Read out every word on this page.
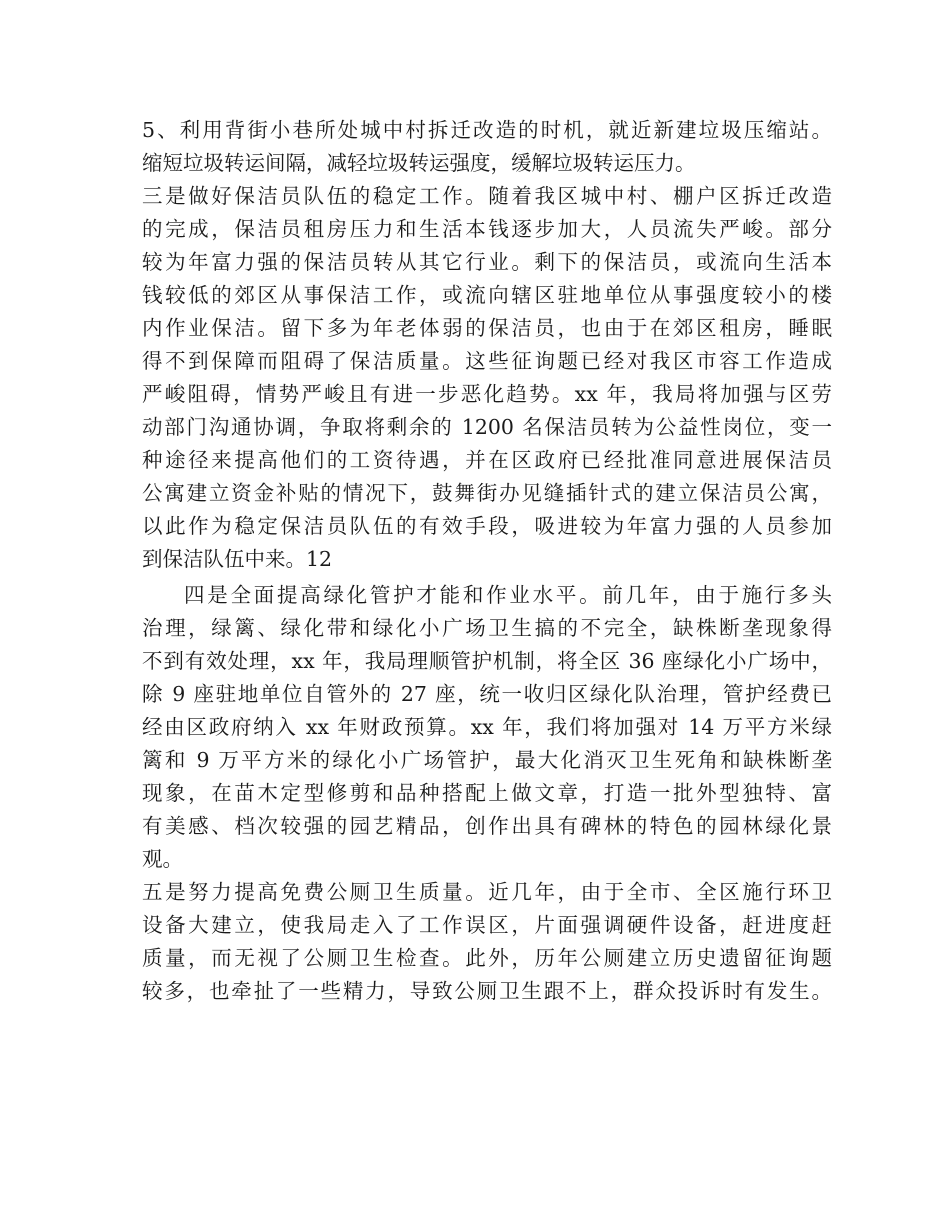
5、利用背街小巷所处城中村拆迁改造的时机，就近新建垃圾压缩站。
缩短垃圾转运间隔，减轻垃圾转运强度，缓解垃圾转运压力。
三是做好保洁员队伍的稳定工作。随着我区城中村、棚户区拆迁改造
的完成，保洁员租房压力和生活本钱逐步加大，人员流失严峻。部分
较为年富力强的保洁员转从其它行业。剩下的保洁员，或流向生活本
钱较低的郊区从事保洁工作，或流向辖区驻地单位从事强度较小的楼
内作业保洁。留下多为年老体弱的保洁员，也由于在郊区租房，睡眠
得不到保障而阻碍了保洁质量。这些征询题已经对我区市容工作造成
严峻阻碍，情势严峻且有进一步恶化趋势。xx 年，我局将加强与区劳
动部门沟通协调，争取将剩余的 1200 名保洁员转为公益性岗位，变一
种途径来提高他们的工资待遇，并在区政府已经批准同意进展保洁员
公寓建立资金补贴的情况下，鼓舞街办见缝插针式的建立保洁员公寓，
以此作为稳定保洁员队伍的有效手段，吸进较为年富力强的人员参加
到保洁队伍中来。12
四是全面提高绿化管护才能和作业水平。前几年，由于施行多头
治理，绿篱、绿化带和绿化小广场卫生搞的不完全，缺株断垄现象得
不到有效处理，xx 年，我局理顺管护机制，将全区 36 座绿化小广场中，
除 9 座驻地单位自管外的 27 座，统一收归区绿化队治理，管护经费已
经由区政府纳入 xx 年财政预算。xx 年，我们将加强对 14 万平方米绿
篱和 9 万平方米的绿化小广场管护，最大化消灭卫生死角和缺株断垄
现象，在苗木定型修剪和品种搭配上做文章，打造一批外型独特、富
有美感、档次较强的园艺精品，创作出具有碑林的特色的园林绿化景
观。
五是努力提高免费公厕卫生质量。近几年，由于全市、全区施行环卫
设备大建立，使我局走入了工作误区，片面强调硬件设备，赶进度赶
质量，而无视了公厕卫生检查。此外，历年公厕建立历史遗留征询题
较多，也牵扯了一些精力，导致公厕卫生跟不上，群众投诉时有发生。
